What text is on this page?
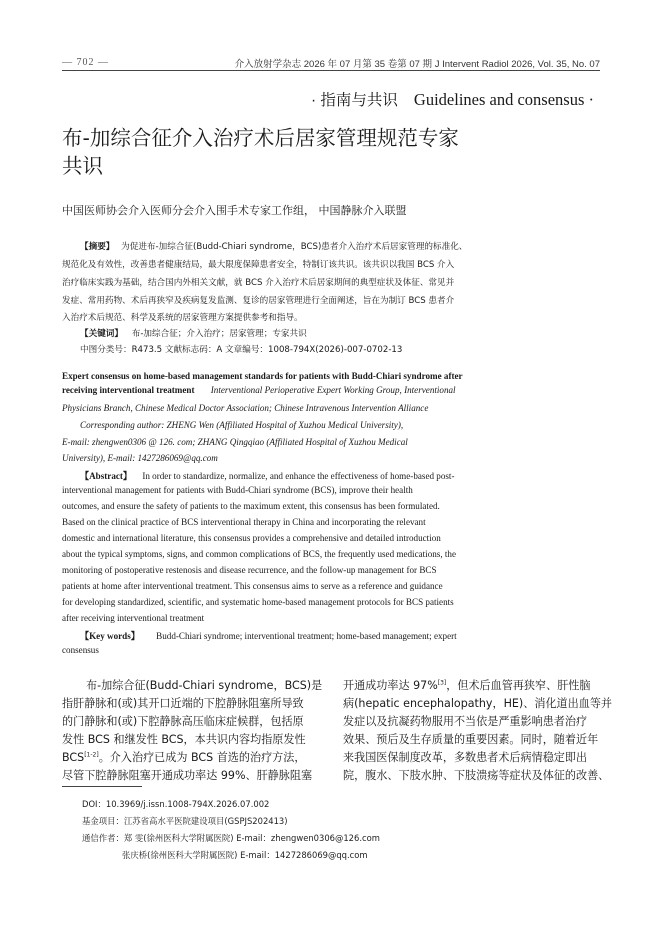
— 702 —	介入放射学杂志 2026 年 07 月第 35 卷第 07 期 J Intervent Radiol 2026, Vol. 35, No. 07
· 指南与共识 Guidelines and consensus ·
布-加综合征介入治疗术后居家管理规范专家
共识
中国医师协会介入医师分会介入围手术专家工作组， 中国静脉介入联盟
【摘要】 为促进布-加综合征(Budd-Chiari syndrome，BCS)患者介入治疗术后居家管理的标准化、
规范化及有效性，改善患者健康结局，最大限度保障患者安全，特制订该共识。该共识以我国 BCS 介入
治疗临床实践为基础，结合国内外相关文献，就 BCS 介入治疗术后居家期间的典型症状及体征、常见并
发症、常用药物、术后再狭窄及疾病复发监测、复诊的居家管理进行全面阐述，旨在为制订 BCS 患者介
入治疗术后规范、科学及系统的居家管理方案提供参考和指导。
【关键词】 布-加综合征；介入治疗；居家管理；专家共识
中图分类号：R473.5 文献标志码：A 文章编号：1008-794X(2026)-007-0702-13
Expert consensus on home-based management standards for patients with Budd-Chiari syndrome after
receiving interventional treatment Interventional Perioperative Expert Working Group, Interventional
Physicians Branch, Chinese Medical Doctor Association; Chinese Intravenous Intervention Alliance
Corresponding author: ZHENG Wen (Affiliated Hospital of Xuzhou Medical University),
E-mail: zhengwen0306 @ 126. com; ZHANG Qingqiao (Affiliated Hospital of Xuzhou Medical
University), E-mail: 1427286069@qq.com
【Abstract】 In order to standardize, normalize, and enhance the effectiveness of home-based post-
interventional management for patients with Budd-Chiari syndrome (BCS), improve their health
outcomes, and ensure the safety of patients to the maximum extent, this consensus has been formulated.
Based on the clinical practice of BCS interventional therapy in China and incorporating the relevant
domestic and international literature, this consensus provides a comprehensive and detailed introduction
about the typical symptoms, signs, and common complications of BCS, the frequently used medications, the
monitoring of postoperative restenosis and disease recurrence, and the follow-up management for BCS
patients at home after interventional treatment. This consensus aims to serve as a reference and guidance
for developing standardized, scientific, and systematic home-based management protocols for BCS patients
after receiving interventional treatment
【Key words】 Budd-Chiari syndrome; interventional treatment; home-based management; expert
consensus
布-加综合征(Budd-Chiari syndrome，BCS)是
指肝静脉和(或)其开口近端的下腔静脉阻塞所导致
的门静脉和(或)下腔静脉高压临床症候群，包括原
发性 BCS 和继发性 BCS，本共识内容均指原发性
BCS[1-2]。介入治疗已成为 BCS 首选的治疗方法，
尽管下腔静脉阻塞开通成功率达 99%、肝静脉阻塞
开通成功率达 97%[3]，但术后血管再狭窄、肝性脑
病(hepatic encephalopathy，HE)、消化道出血等并
发症以及抗凝药物服用不当依是严重影响患者治疗
效果、预后及生存质量的重要因素。同时，随着近年
来我国医保制度改革，多数患者术后病情稳定即出
院，腹水、下肢水肿、下肢溃疡等症状及体征的改善、
DOI：10.3969/j.issn.1008-794X.2026.07.002
基金项目：江苏省高水平医院建设项目(GSPJS202413)
通信作者：郑 雯(徐州医科大学附属医院) E-mail：zhengwen0306@126.com
张庆桥(徐州医科大学附属医院) E-mail：1427286069@qq.com
